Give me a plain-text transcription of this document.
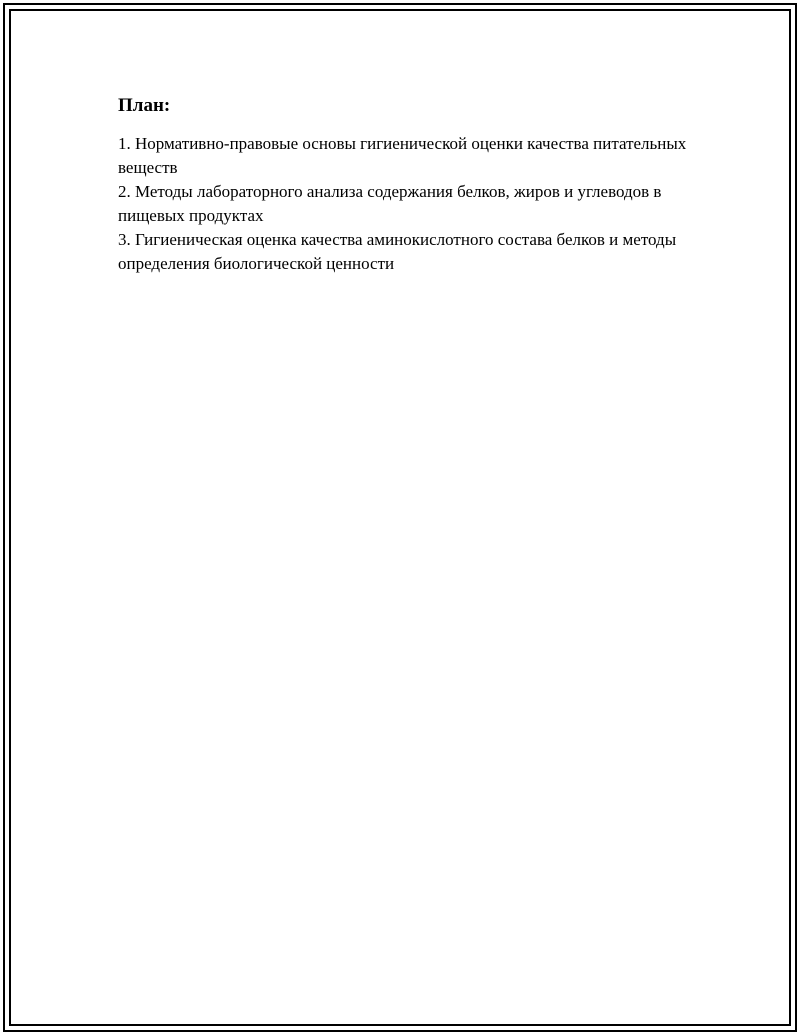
План:
1. Нормативно-правовые основы гигиенической оценки качества питательных веществ
2. Методы лабораторного анализа содержания белков, жиров и углеводов в пищевых продуктах
3. Гигиеническая оценка качества аминокислотного состава белков и методы определения биологической ценности
